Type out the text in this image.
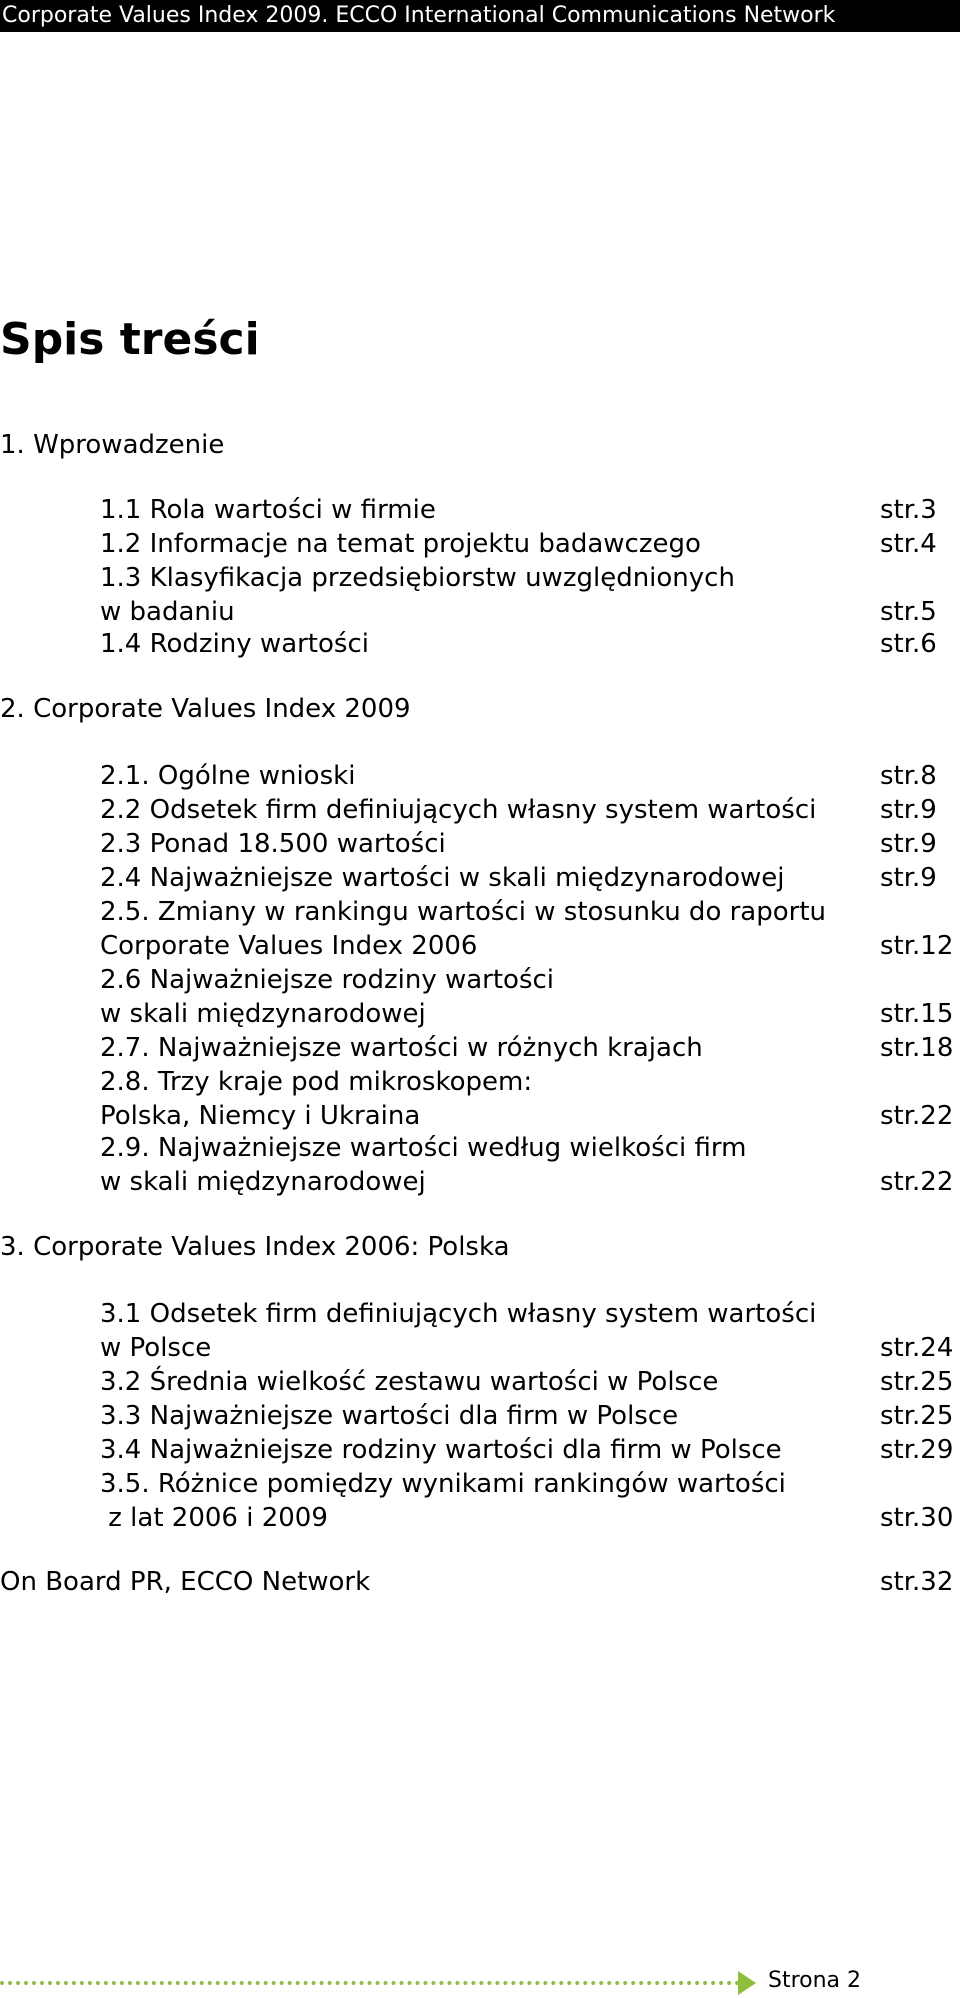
Corporate Values Index 2009. ECCO International Communications Network
Spis treści
1. Wprowadzenie
1.1 Rola wartości w firmie	str.3
1.2 Informacje na temat projektu badawczego	str.4
1.3 Klasyfikacja przedsiębiorstw uwzględnionych
w badaniu	str.5
1.4 Rodziny wartości	str.6
2. Corporate Values Index 2009
2.1. Ogólne wnioski	str.8
2.2 Odsetek firm definiujących własny system wartości str.9
2.3 Ponad 18.500 wartości	str.9
2.4 Najważniejsze wartości w skali międzynarodowej	str.9
2.5. Zmiany w rankingu wartości w stosunku do raportu
Corporate Values Index 2006	str.12
2.6 Najważniejsze rodziny wartości
w skali międzynarodowej	str.15
2.7. Najważniejsze wartości w różnych krajach	str.18
2.8. Trzy kraje pod mikroskopem:
Polska, Niemcy i Ukraina	str.22
2.9. Najważniejsze wartości według wielkości firm
w skali międzynarodowej	str.22
3. Corporate Values Index 2006: Polska
3.1 Odsetek firm definiujących własny system wartości
w Polsce	str.24
3.2 Średnia wielkość zestawu wartości w Polsce	str.25
3.3 Najważniejsze wartości dla firm w Polsce	str.25
3.4 Najważniejsze rodziny wartości dla firm w Polsce	str.29
3.5. Różnice pomiędzy wynikami rankingów wartości
z lat 2006 i 2009	str.30
On Board PR, ECCO Network	str.32
Strona 2
